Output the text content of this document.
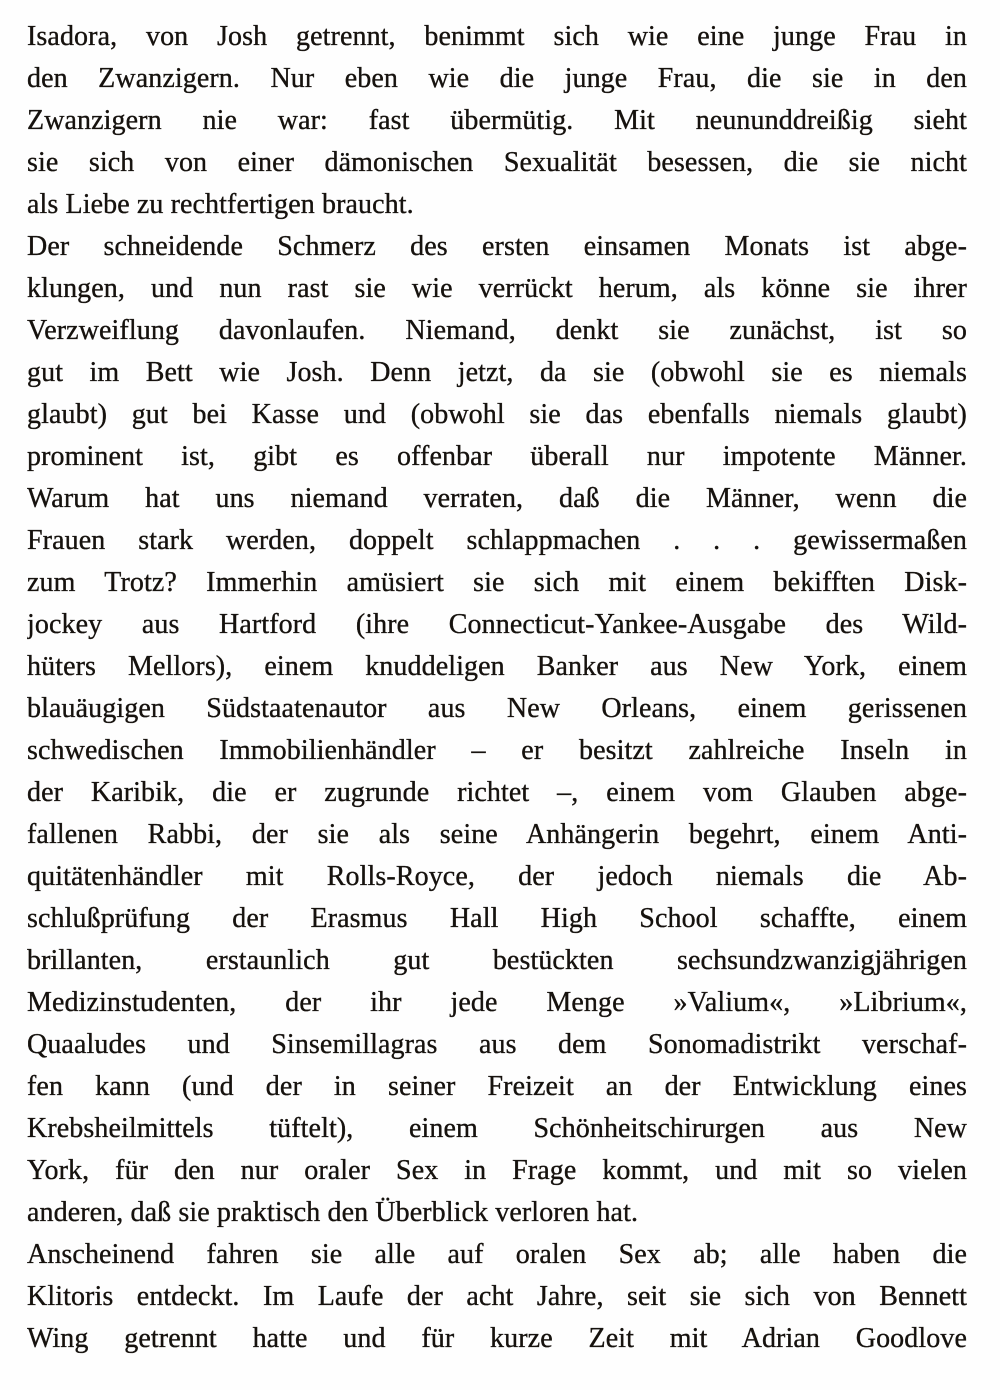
Isadora, von Josh getrennt, benimmt sich wie eine junge Frau in
den Zwanzigern. Nur eben wie die junge Frau, die sie in den
Zwanzigern nie war: fast übermütig. Mit neununddreißig sieht
sie sich von einer dämonischen Sexualität besessen, die sie nicht
als Liebe zu rechtfertigen braucht.
Der schneidende Schmerz des ersten einsamen Monats ist abge-
klungen, und nun rast sie wie verrückt herum, als könne sie ihrer
Verzweiflung davonlaufen. Niemand, denkt sie zunächst, ist so
gut im Bett wie Josh. Denn jetzt, da sie (obwohl sie es niemals
glaubt) gut bei Kasse und (obwohl sie das ebenfalls niemals glaubt)
prominent ist, gibt es offenbar überall nur impotente Männer.
Warum hat uns niemand verraten, daß die Männer, wenn die
Frauen stark werden, doppelt schlappmachen . . . gewissermaßen
zum Trotz? Immerhin amüsiert sie sich mit einem bekifften Disk-
jockey aus Hartford (ihre Connecticut-Yankee-Ausgabe des Wild-
hüters Mellors), einem knuddeligen Banker aus New York, einem
blauäugigen Südstaatenautor aus New Orleans, einem gerissenen
schwedischen Immobilienhändler – er besitzt zahlreiche Inseln in
der Karibik, die er zugrunde richtet –, einem vom Glauben abge-
fallenen Rabbi, der sie als seine Anhängerin begehrt, einem Anti-
quitätenhändler mit Rolls-Royce, der jedoch niemals die Ab-
schlußprüfung der Erasmus Hall High School schaffte, einem
brillanten, erstaunlich gut bestückten sechsundzwanzigjährigen
Medizinstudenten, der ihr jede Menge »Valium«, »Librium«,
Quaaludes und Sinsemillagras aus dem Sonomadistrikt verschaf-
fen kann (und der in seiner Freizeit an der Entwicklung eines
Krebsheilmittels tüftelt), einem Schönheitschirurgen aus New
York, für den nur oraler Sex in Frage kommt, und mit so vielen
anderen, daß sie praktisch den Überblick verloren hat.
Anscheinend fahren sie alle auf oralen Sex ab; alle haben die
Klitoris entdeckt. Im Laufe der acht Jahre, seit sie sich von Bennett
Wing getrennt hatte und für kurze Zeit mit Adrian Goodlove
